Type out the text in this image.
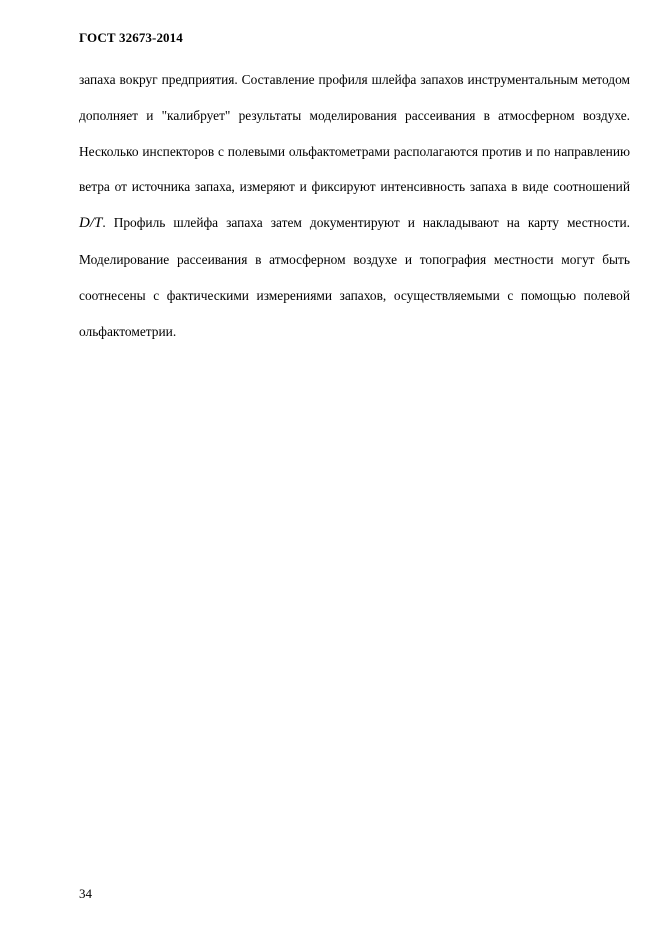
ГОСТ 32673-2014

запаха вокруг предприятия. Составление профиля шлейфа запахов инструментальным методом дополняет и "калибрует" результаты моделирования рассеивания в атмосферном воздухе. Несколько инспекторов с полевыми ольфактометрами располагаются против и по направлению ветра от источника запаха, измеряют и фиксируют интенсивность запаха в виде соотношений D/T. Профиль шлейфа запаха затем документируют и накладывают на карту местности. Моделирование рассеивания в атмосферном воздухе и топография местности могут быть соотнесены с фактическими измерениями запахов, осуществляемыми с помощью полевой ольфактометрии.

34
